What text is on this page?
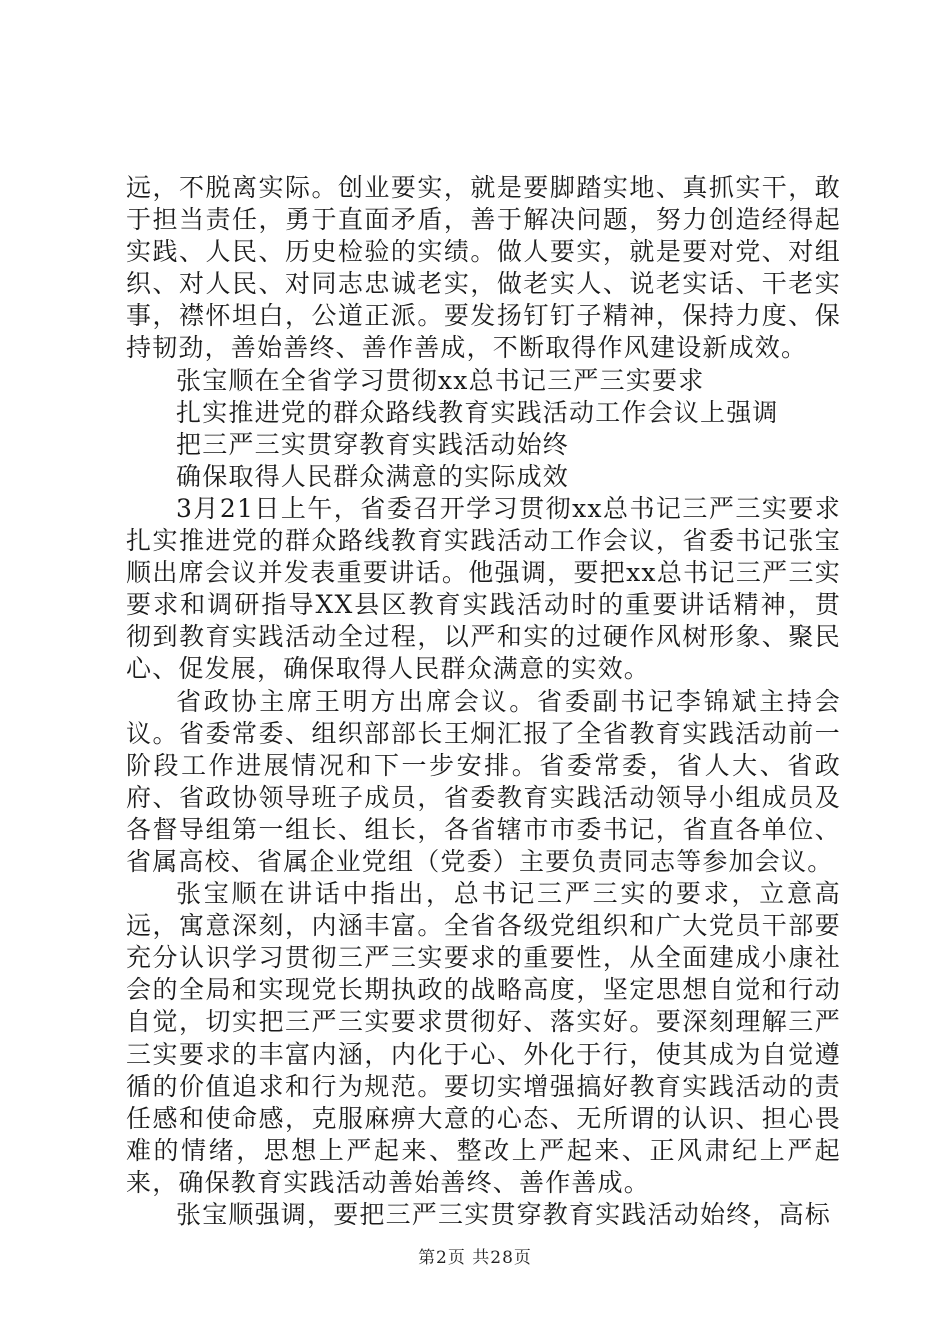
远，不脱离实际。创业要实，就是要脚踏实地、真抓实干，敢于担当责任，勇于直面矛盾，善于解决问题，努力创造经得起实践、人民、历史检验的实绩。做人要实，就是要对党、对组织、对人民、对同志忠诚老实，做老实人、说老实话、干老实事，襟怀坦白，公道正派。要发扬钉钉子精神，保持力度、保持韧劲，善始善终、善作善成，不断取得作风建设新成效。

张宝顺在全省学习贯彻xx总书记三严三实要求

扎实推进党的群众路线教育实践活动工作会议上强调

把三严三实贯穿教育实践活动始终

确保取得人民群众满意的实际成效

3月21日上午，省委召开学习贯彻xx总书记三严三实要求扎实推进党的群众路线教育实践活动工作会议，省委书记张宝顺出席会议并发表重要讲话。他强调，要把xx总书记三严三实要求和调研指导XX县区教育实践活动时的重要讲话精神，贯彻到教育实践活动全过程，以严和实的过硬作风树形象、聚民心、促发展，确保取得人民群众满意的实效。

省政协主席王明方出席会议。省委副书记李锦斌主持会议。省委常委、组织部部长王炯汇报了全省教育实践活动前一阶段工作进展情况和下一步安排。省委常委，省人大、省政府、省政协领导班子成员，省委教育实践活动领导小组成员及各督导组第一组长、组长，各省辖市市委书记，省直各单位、省属高校、省属企业党组（党委）主要负责同志等参加会议。

张宝顺在讲话中指出，总书记三严三实的要求，立意高远，寓意深刻，内涵丰富。全省各级党组织和广大党员干部要充分认识学习贯彻三严三实要求的重要性，从全面建成小康社会的全局和实现党长期执政的战略高度，坚定思想自觉和行动自觉，切实把三严三实要求贯彻好、落实好。要深刻理解三严三实要求的丰富内涵，内化于心、外化于行，使其成为自觉遵循的价值追求和行为规范。要切实增强搞好教育实践活动的责任感和使命感，克服麻痹大意的心态、无所谓的认识、担心畏难的情绪，思想上严起来、整改上严起来、正风肃纪上严起来，确保教育实践活动善始善终、善作善成。

张宝顺强调，要把三严三实贯穿教育实践活动始终，高标

第2页 共28页
